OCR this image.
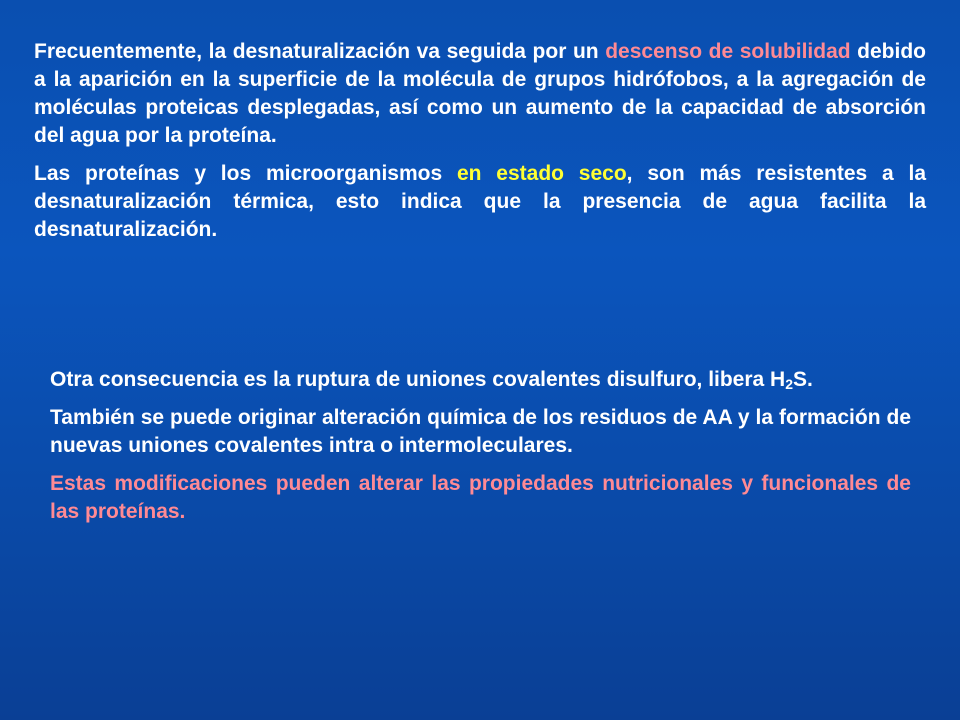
Frecuentemente, la desnaturalización va seguida por un descenso de solubilidad debido a la aparición en la superficie de la molécula de grupos hidrófobos, a la agregación de moléculas proteicas desplegadas, así como un aumento de la capacidad de absorción del agua por la proteína.

Las proteínas y los microorganismos en estado seco, son más resistentes a la desnaturalización térmica, esto indica que la presencia de agua facilita la desnaturalización.

Otra consecuencia es la ruptura de uniones covalentes disulfuro, libera $H_2S$.

También se puede originar alteración química de los residuos de AA y la formación de nuevas uniones covalentes intra o intermoleculares.

Estas modificaciones pueden alterar las propiedades nutricionales y funcionales de las proteínas.
